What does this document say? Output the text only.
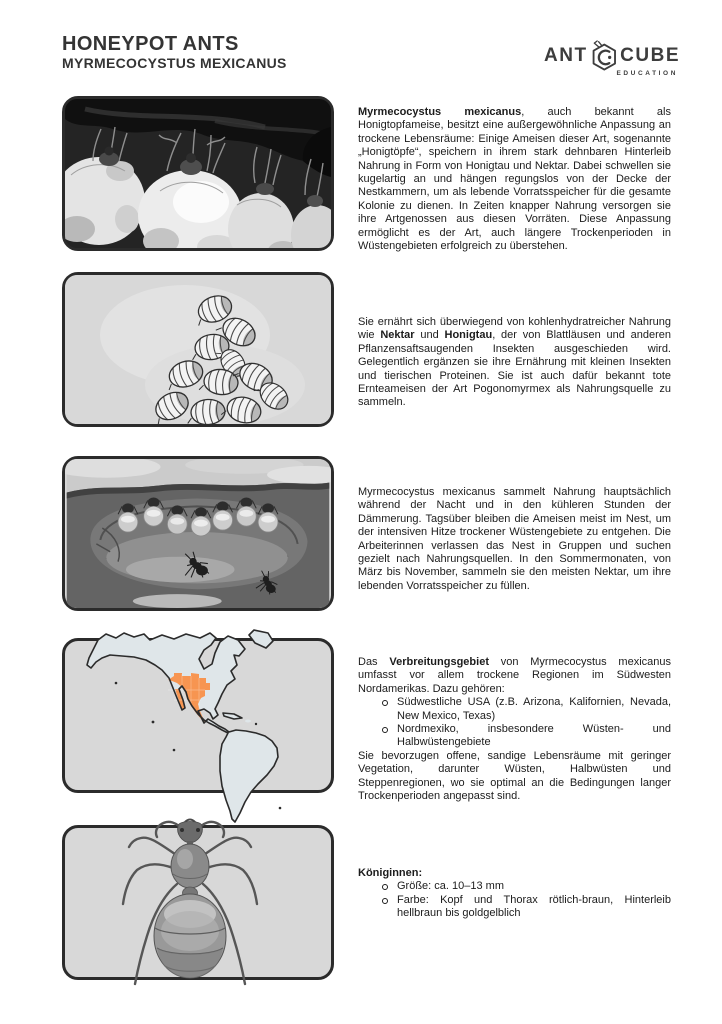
HONEYPOT ANTS
MYRMECOCYSTUS MEXICANUS	ANT CUBE
EDUCATION

Myrmecocystus mexicanus, auch bekannt als Honigtopfameise, besitzt eine außergewöhnliche Anpassung an trockene Lebensräume: Einige Ameisen dieser Art, sogenannte „Honigtöpfe“, speichern in ihrem stark dehnbaren Hinterleib Nahrung in Form von Honigtau und Nektar. Dabei schwellen sie kugelartig an und hängen regungslos von der Decke der Nestkammern, um als lebende Vorratsspeicher für die gesamte Kolonie zu dienen. In Zeiten knapper Nahrung versorgen sie ihre Artgenossen aus diesen Vorräten. Diese Anpassung ermöglicht es der Art, auch längere Trockenperioden in Wüstengebieten erfolgreich zu überstehen.

Sie ernährt sich überwiegend von kohlenhydratreicher Nahrung wie Nektar und Honigtau, der von Blattläusen und anderen Pflanzensaftsaugenden Insekten ausgeschieden wird. Gelegentlich ergänzen sie ihre Ernährung mit kleinen Insekten und tierischen Proteinen. Sie ist auch dafür bekannt tote Ernteameisen der Art Pogonomyrmex als Nahrungsquelle zu sammeln.

Myrmecocystus mexicanus sammelt Nahrung hauptsächlich während der Nacht und in den kühleren Stunden der Dämmerung. Tagsüber bleiben die Ameisen meist im Nest, um der intensiven Hitze trockener Wüstengebiete zu entgehen. Die Arbeiterinnen verlassen das Nest in Gruppen und suchen gezielt nach Nahrungsquellen. In den Sommermonaten, von März bis November, sammeln sie den meisten Nektar, um ihre lebenden Vorratsspeicher zu füllen.

Das Verbreitungsgebiet von Myrmecocystus mexicanus umfasst vor allem trockene Regionen im Südwesten Nordamerikas. Dazu gehören:

Südwestliche USA (z.B. Arizona, Kalifornien, Nevada, New Mexico, Texas)
Nordmexiko, insbesondere Wüsten- und Halbwüstengebiete

Sie bevorzugen offene, sandige Lebensräume mit geringer Vegetation, darunter Wüsten, Halbwüsten und Steppenregionen, wo sie optimal an die Bedingungen langer Trockenperioden angepasst sind.

Königinnen:

Größe: ca. 10–13 mm
Farbe: Kopf und Thorax rötlich-braun, Hinterleib hellbraun bis goldgelblich
